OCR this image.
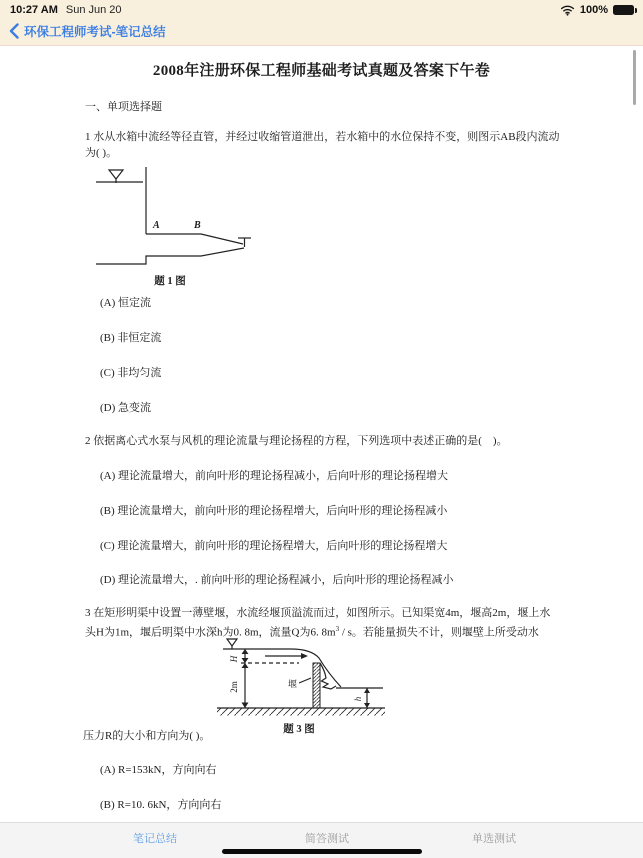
10:27 AM Sun Jun 20	100%
环保工程师考试-笔记总结
2008年注册环保工程师基础考试真题及答案下午卷
一、单项选择题
1 水从水箱中流经等径直管，并经过收缩管道泄出，若水箱中的水位保持不变，则图示AB段内流动
为( )。
A	B
题 1 图
(A) 恒定流
(B) 非恒定流
(C) 非均匀流
(D) 急变流
2 依据离心式水泵与风机的理论流量与理论扬程的方程，下列选项中表述正确的是(　)。
(A) 理论流量增大，前向叶形的理论扬程减小，后向叶形的理论扬程增大
(B) 理论流量增大，前向叶形的理论扬程增大，后向叶形的理论扬程减小
(C) 理论流量增大，前向叶形的理论扬程增大，后向叶形的理论扬程增大
(D) 理论流量增大，. 前向叶形的理论扬程减小，后向叶形的理论扬程减小
3 在矩形明渠中设置一薄壁堰，水流经堰顶溢流而过，如图所示。已知渠宽4m，堰高2m，堰上水
头H为1m，堰后明渠中水深h为0. 8m，流量Q为6. $8m^3$ / s。若能量损失不计，则堰壁上所受动水
H
2m	堰
h
题 3 图
压力R的大小和方向为( )。
(A) R=153kN，方向向右
(B) R=10. 6kN，方向向右
笔记总结	简答测试	单选测试
